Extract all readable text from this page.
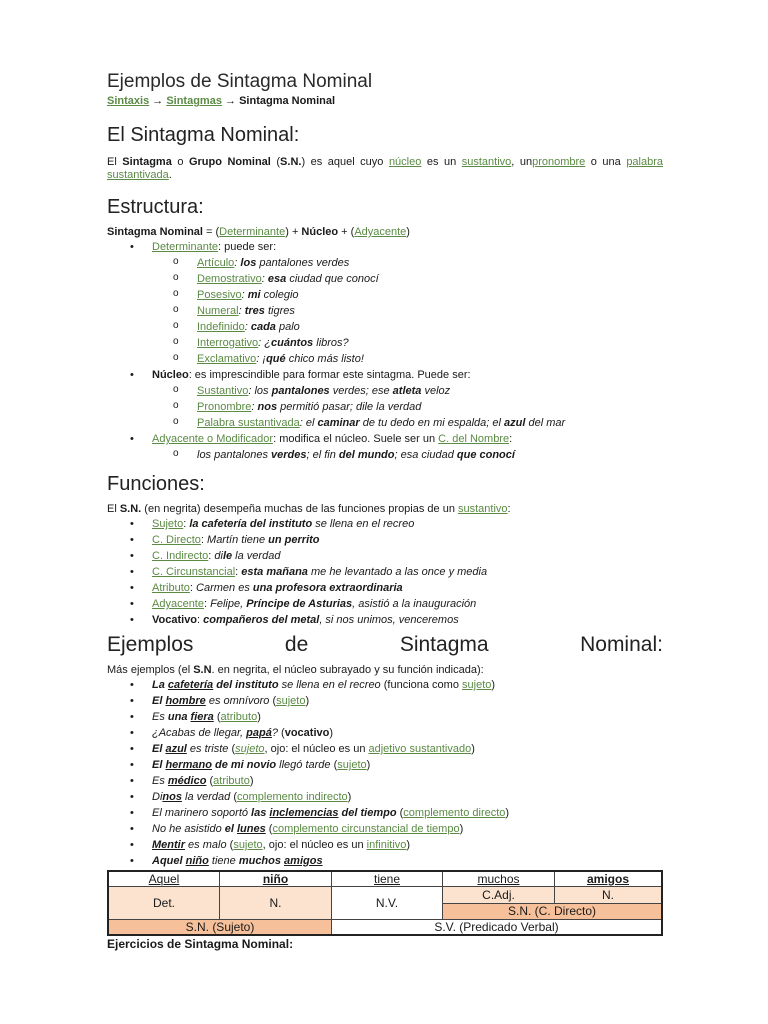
Ejemplos de Sintagma Nominal
Sintaxis → Sintagmas → Sintagma Nominal
El Sintagma Nominal:

El Sintagma o Grupo Nominal (S.N.) es aquel cuyo núcleo es un sustantivo, unpronombre o una palabra sustantivada.

Estructura:

Sintagma Nominal = (Determinante) + Núcleo + (Adyacente)

• Determinante: puede ser:
o Artículo: los pantalones verdes
o Demostrativo: esa ciudad que conocí
o Posesivo: mi colegio
o Numeral: tres tigres
o Indefinido: cada palo
o Interrogativo: ¿cuántos libros?
o Exclamativo: ¡qué chico más listo!
• Núcleo: es imprescindible para formar este sintagma. Puede ser:
o Sustantivo: los pantalones verdes; ese atleta veloz
o Pronombre: nos permitió pasar; dile la verdad
o Palabra sustantivada: el caminar de tu dedo en mi espalda; el azul del mar
• Adyacente o Modificador: modifica el núcleo. Suele ser un C. del Nombre:
o los pantalones verdes; el fin del mundo; esa ciudad que conocí
Funciones:

El S.N. (en negrita) desempeña muchas de las funciones propias de un sustantivo:

• Sujeto: la cafetería del instituto se llena en el recreo
• C. Directo: Martín tiene un perrito
• C. Indirecto: dile la verdad
• C. Circunstancial: esta mañana me he levantado a las once y media
• Atributo: Carmen es una profesora extraordinaria
• Adyacente: Felipe, Príncipe de Asturias, asistió a la inauguración
• Vocativo: compañeros del metal, si nos unimos, venceremos
Ejemplos	de	Sintagma	Nominal:

Más ejemplos (el S.N. en negrita, el núcleo subrayado y su función indicada):

• La cafetería del instituto se llena en el recreo (funciona como sujeto)
• El hombre es omnívoro (sujeto)
• Es una fiera (atributo)
• ¿Acabas de llegar, papá? (vocativo)
• El azul es triste (sujeto, ojo: el núcleo es un adjetivo sustantivado)
• El hermano de mi novio llegó tarde (sujeto)
• Es médico (atributo)
• Dinos la verdad (complemento indirecto)
• El marinero soportó las inclemencias del tiempo (complemento directo)
• No he asistido el lunes (complemento circunstancial de tiempo)
• Mentir es malo (sujeto, ojo: el núcleo es un infinitivo)
• Aquel niño tiene muchos amigos
Aquel	niño	tiene	muchos	amigos
Det.	N.	N.V.	C.Adj.	N.
			S.N. (C. Directo)	
S.N. (Sujeto)		S.V. (Predicado Verbal)		
Ejercicios de Sintagma Nominal:
